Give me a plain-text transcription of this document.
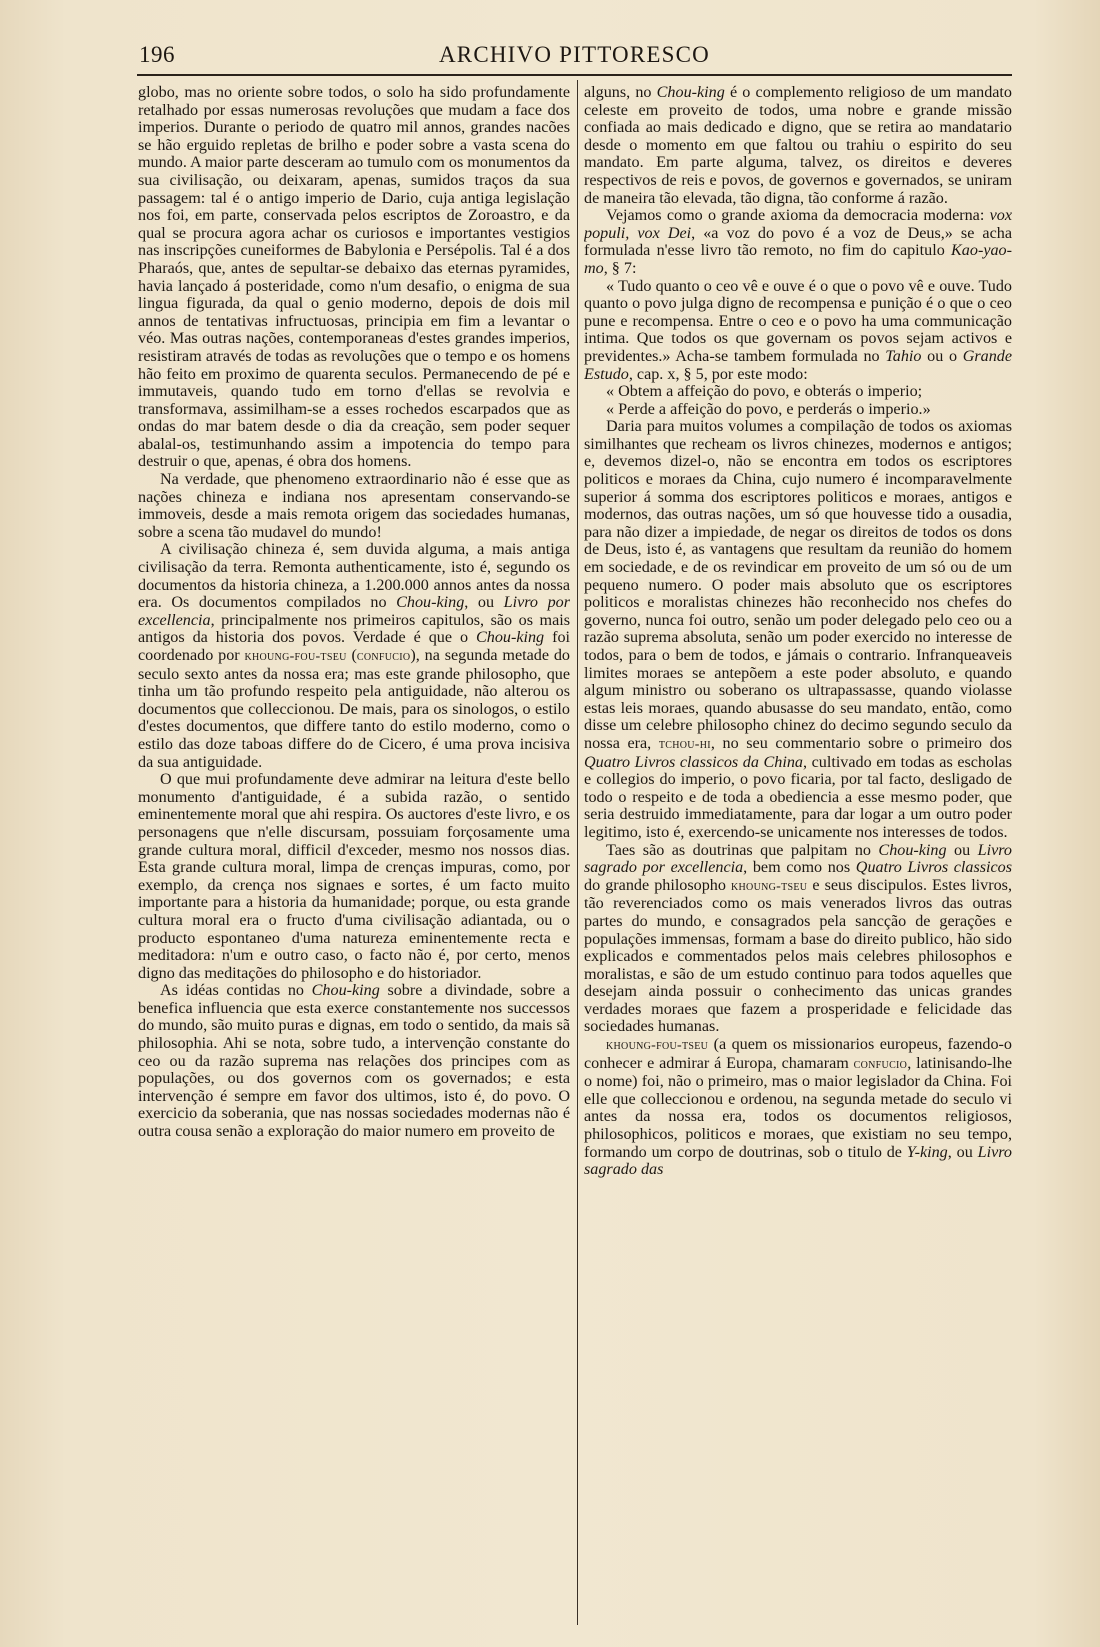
196	ARCHIVO PITTORESCO

globo, mas no oriente sobre todos, o solo ha sido profundamente retalhado por essas numerosas revoluções que mudam a face dos imperios. Durante o periodo de quatro mil annos, grandes nacões se hão erguido repletas de brilho e poder sobre a vasta scena do mundo. A maior parte desceram ao tumulo com os monumentos da sua civilisação, ou deixaram, apenas, sumidos traços da sua passagem: tal é o antigo imperio de Dario, cuja antiga legislação nos foi, em parte, conservada pelos escriptos de Zoroastro, e da qual se procura agora achar os curiosos e importantes vestigios nas inscripções cuneiformes de Babylonia e Persépolis. Tal é a dos Pharaós, que, antes de sepultar-se debaixo das eternas pyramides, havia lançado á posteridade, como n'um desafio, o enigma de sua lingua figurada, da qual o genio moderno, depois de dois mil annos de tentativas infructuosas, principia em fim a levantar o véo. Mas outras nações, contemporaneas d'estes grandes imperios, resistiram através de todas as revoluções que o tempo e os homens hão feito em proximo de quarenta seculos. Permanecendo de pé e immutaveis, quando tudo em torno d'ellas se revolvia e transformava, assimilham-se a esses rochedos escarpados que as ondas do mar batem desde o dia da creação, sem poder sequer abalal-os, testimunhando assim a impotencia do tempo para destruir o que, apenas, é obra dos homens.

Na verdade, que phenomeno extraordinario não é esse que as nações chineza e indiana nos apresentam conservando-se immoveis, desde a mais remota origem das sociedades humanas, sobre a scena tão mudavel do mundo!

A civilisação chineza é, sem duvida alguma, a mais antiga civilisação da terra. Remonta authenticamente, isto é, segundo os documentos da historia chineza, a 1.200.000 annos antes da nossa era. Os documentos compilados no Chou-king, ou Livro por excellencia, principalmente nos primeiros capitulos, são os mais antigos da historia dos povos. Verdade é que o Chou-king foi coordenado por khoung-fou-tseu (confucio), na segunda metade do seculo sexto antes da nossa era; mas este grande philosopho, que tinha um tão profundo respeito pela antiguidade, não alterou os documentos que colleccionou. De mais, para os sinologos, o estilo d'estes documentos, que differe tanto do estilo moderno, como o estilo das doze taboas differe do de Cicero, é uma prova incisiva da sua antiguidade.

O que mui profundamente deve admirar na leitura d'este bello monumento d'antiguidade, é a subida razão, o sentido eminentemente moral que ahi respira. Os auctores d'este livro, e os personagens que n'elle discursam, possuiam forçosamente uma grande cultura moral, difficil d'exceder, mesmo nos nossos dias. Esta grande cultura moral, limpa de crenças impuras, como, por exemplo, da crença nos signaes e sortes, é um facto muito importante para a historia da humanidade; porque, ou esta grande cultura moral era o fructo d'uma civilisação adiantada, ou o producto espontaneo d'uma natureza eminentemente recta e meditadora: n'um e outro caso, o facto não é, por certo, menos digno das meditações do philosopho e do historiador.

As idéas contidas no Chou-king sobre a divindade, sobre a benefica influencia que esta exerce constantemente nos successos do mundo, são muito puras e dignas, em todo o sentido, da mais sã philosophia. Ahi se nota, sobre tudo, a intervenção constante do ceo ou da razão suprema nas relações dos principes com as populações, ou dos governos com os governados; e esta intervenção é sempre em favor dos ultimos, isto é, do povo. O exercicio da soberania, que nas nossas sociedades modernas não é outra cousa senão a exploração do maior numero em proveito de

alguns, no Chou-king é o complemento religioso de um mandato celeste em proveito de todos, uma nobre e grande missão confiada ao mais dedicado e digno, que se retira ao mandatario desde o momento em que faltou ou trahiu o espirito do seu mandato. Em parte alguma, talvez, os direitos e deveres respectivos de reis e povos, de governos e governados, se uniram de maneira tão elevada, tão digna, tão conforme á razão.

Vejamos como o grande axioma da democracia moderna: vox populi, vox Dei, «a voz do povo é a voz de Deus,» se acha formulada n'esse livro tão remoto, no fim do capitulo Kao-yao-mo, § 7:

« Tudo quanto o ceo vê e ouve é o que o povo vê e ouve. Tudo quanto o povo julga digno de recompensa e punição é o que o ceo pune e recompensa. Entre o ceo e o povo ha uma communicação intima. Que todos os que governam os povos sejam activos e previdentes.» Acha-se tambem formulada no Tahio ou o Grande Estudo, cap. x, § 5, por este modo:

« Obtem a affeição do povo, e obterás o imperio;

« Perde a affeição do povo, e perderás o imperio.»

Daria para muitos volumes a compilação de todos os axiomas similhantes que recheam os livros chinezes, modernos e antigos; e, devemos dizel-o, não se encontra em todos os escriptores politicos e moraes da China, cujo numero é incomparavelmente superior á somma dos escriptores politicos e moraes, antigos e modernos, das outras nações, um só que houvesse tido a ousadia, para não dizer a impiedade, de negar os direitos de todos os dons de Deus, isto é, as vantagens que resultam da reunião do homem em sociedade, e de os revindicar em proveito de um só ou de um pequeno numero. O poder mais absoluto que os escriptores politicos e moralistas chinezes hão reconhecido nos chefes do governo, nunca foi outro, senão um poder delegado pelo ceo ou a razão suprema absoluta, senão um poder exercido no interesse de todos, para o bem de todos, e jámais o contrario. Infranqueaveis limites moraes se antepõem a este poder absoluto, e quando algum ministro ou soberano os ultrapassasse, quando violasse estas leis moraes, quando abusasse do seu mandato, então, como disse um celebre philosopho chinez do decimo segundo seculo da nossa era, tchou-hi, no seu commentario sobre o primeiro dos Quatro Livros classicos da China, cultivado em todas as escholas e collegios do imperio, o povo ficaria, por tal facto, desligado de todo o respeito e de toda a obediencia a esse mesmo poder, que seria destruido immediatamente, para dar logar a um outro poder legitimo, isto é, exercendo-se unicamente nos interesses de todos.

Taes são as doutrinas que palpitam no Chou-king ou Livro sagrado por excellencia, bem como nos Quatro Livros classicos do grande philosopho khoung-tseu e seus discipulos. Estes livros, tão reverenciados como os mais venerados livros das outras partes do mundo, e consagrados pela sancção de gerações e populações immensas, formam a base do direito publico, hão sido explicados e commentados pelos mais celebres philosophos e moralistas, e são de um estudo continuo para todos aquelles que desejam ainda possuir o conhecimento das unicas grandes verdades moraes que fazem a prosperidade e felicidade das sociedades humanas.

khoung-fou-tseu (a quem os missionarios europeus, fazendo-o conhecer e admirar á Europa, chamaram confucio, latinisando-lhe o nome) foi, não o primeiro, mas o maior legislador da China. Foi elle que colleccionou e ordenou, na segunda metade do seculo vi antes da nossa era, todos os documentos religiosos, philosophicos, politicos e moraes, que existiam no seu tempo, formando um corpo de doutrinas, sob o titulo de Y-king, ou Livro sagrado das
